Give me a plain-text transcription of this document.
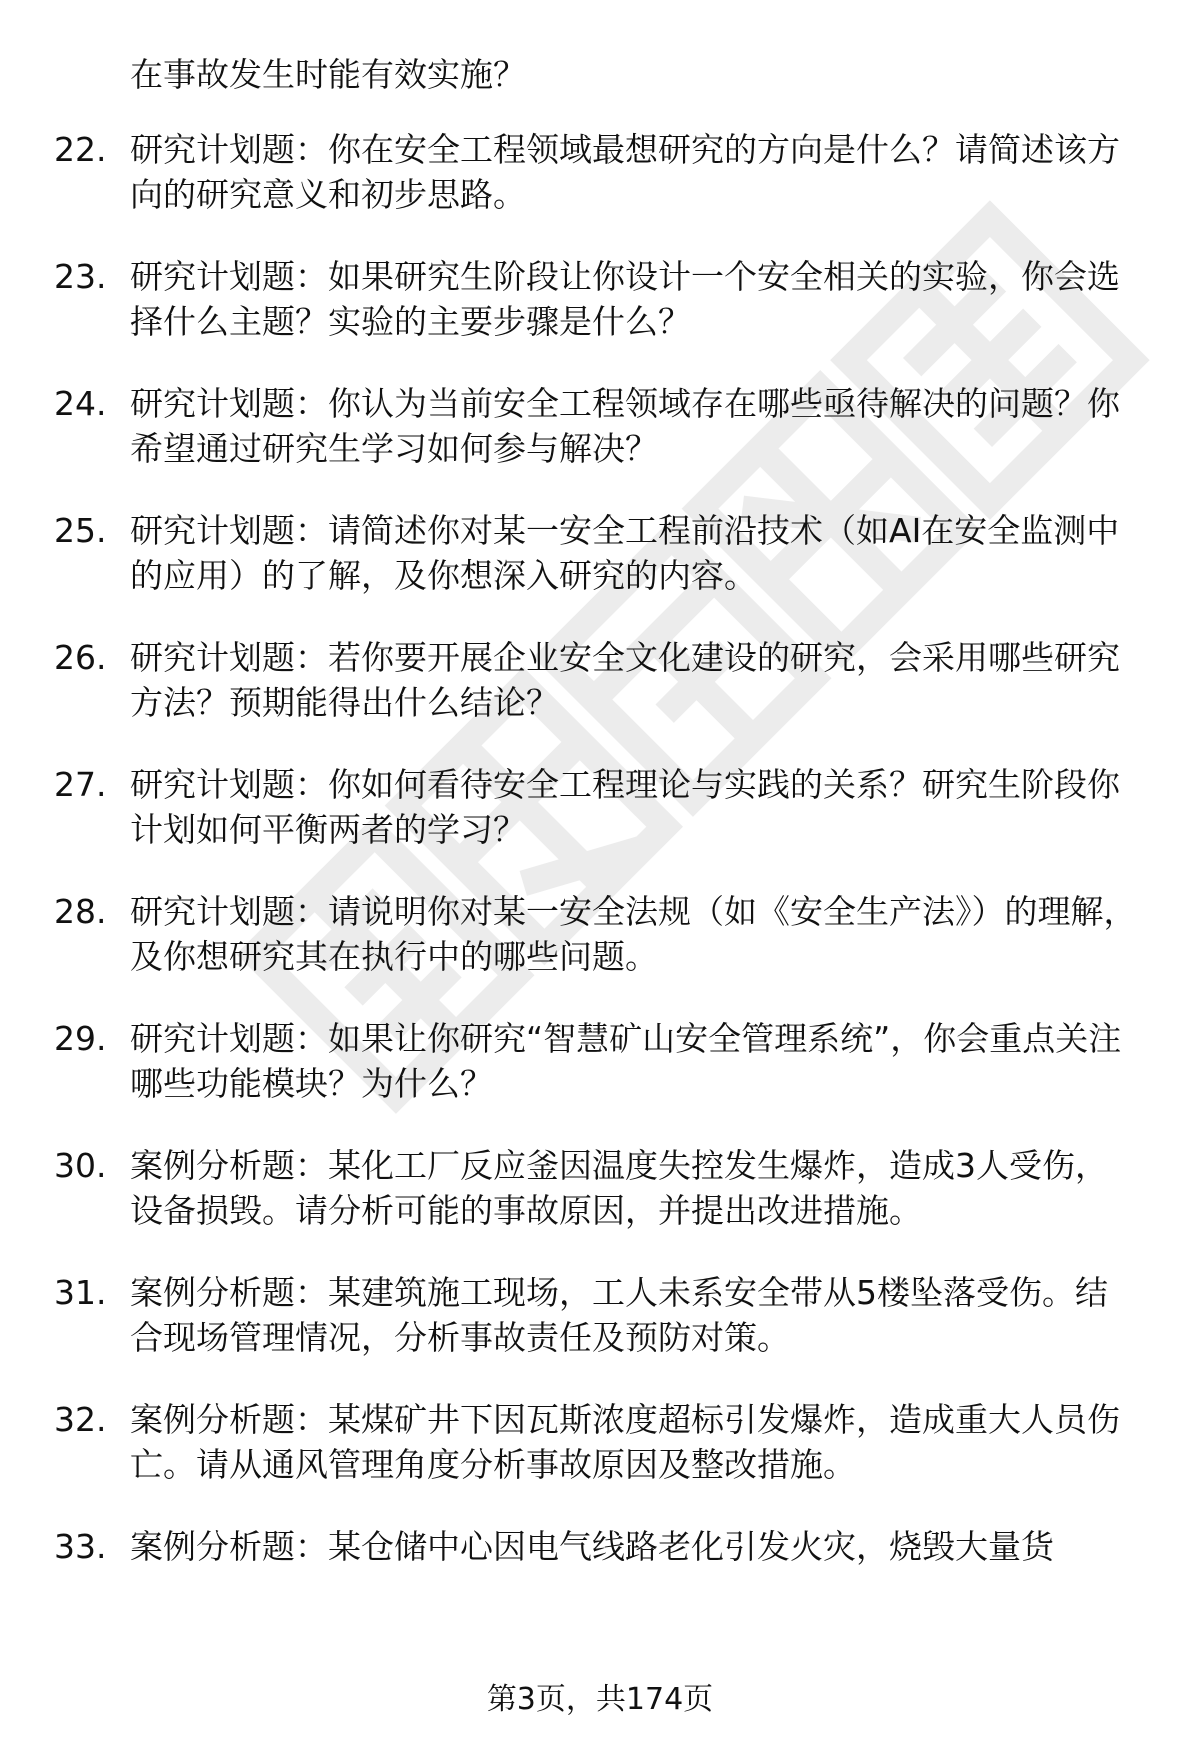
在事故发生时能有效实施？
22. 研究计划题：你在安全工程领域最想研究的方向是什么？请简述该方向的研究意义和初步思路。
23. 研究计划题：如果研究生阶段让你设计一个安全相关的实验，你会选择什么主题？实验的主要步骤是什么？
24. 研究计划题：你认为当前安全工程领域存在哪些亟待解决的问题？你希望通过研究生学习如何参与解决？
25. 研究计划题：请简述你对某一安全工程前沿技术（如AI在安全监测中的应用）的了解，及你想深入研究的内容。
26. 研究计划题：若你要开展企业安全文化建设的研究，会采用哪些研究方法？预期能得出什么结论？
27. 研究计划题：你如何看待安全工程理论与实践的关系？研究生阶段你计划如何平衡两者的学习？
28. 研究计划题：请说明你对某一安全法规（如《安全生产法》）的理解，及你想研究其在执行中的哪些问题。
29. 研究计划题：如果让你研究“智慧矿山安全管理系统”，你会重点关注哪些功能模块？为什么？
30. 案例分析题：某化工厂反应釜因温度失控发生爆炸，造成3人受伤，设备损毁。请分析可能的事故原因，并提出改进措施。
31. 案例分析题：某建筑施工现场，工人未系安全带从5楼坠落受伤。结合现场管理情况，分析事故责任及预防对策。
32. 案例分析题：某煤矿井下因瓦斯浓度超标引发爆炸，造成重大人员伤亡。请从通风管理角度分析事故原因及整改措施。
33. 案例分析题：某仓储中心因电气线路老化引发火灾，烧毁大量货
第3页，共174页
